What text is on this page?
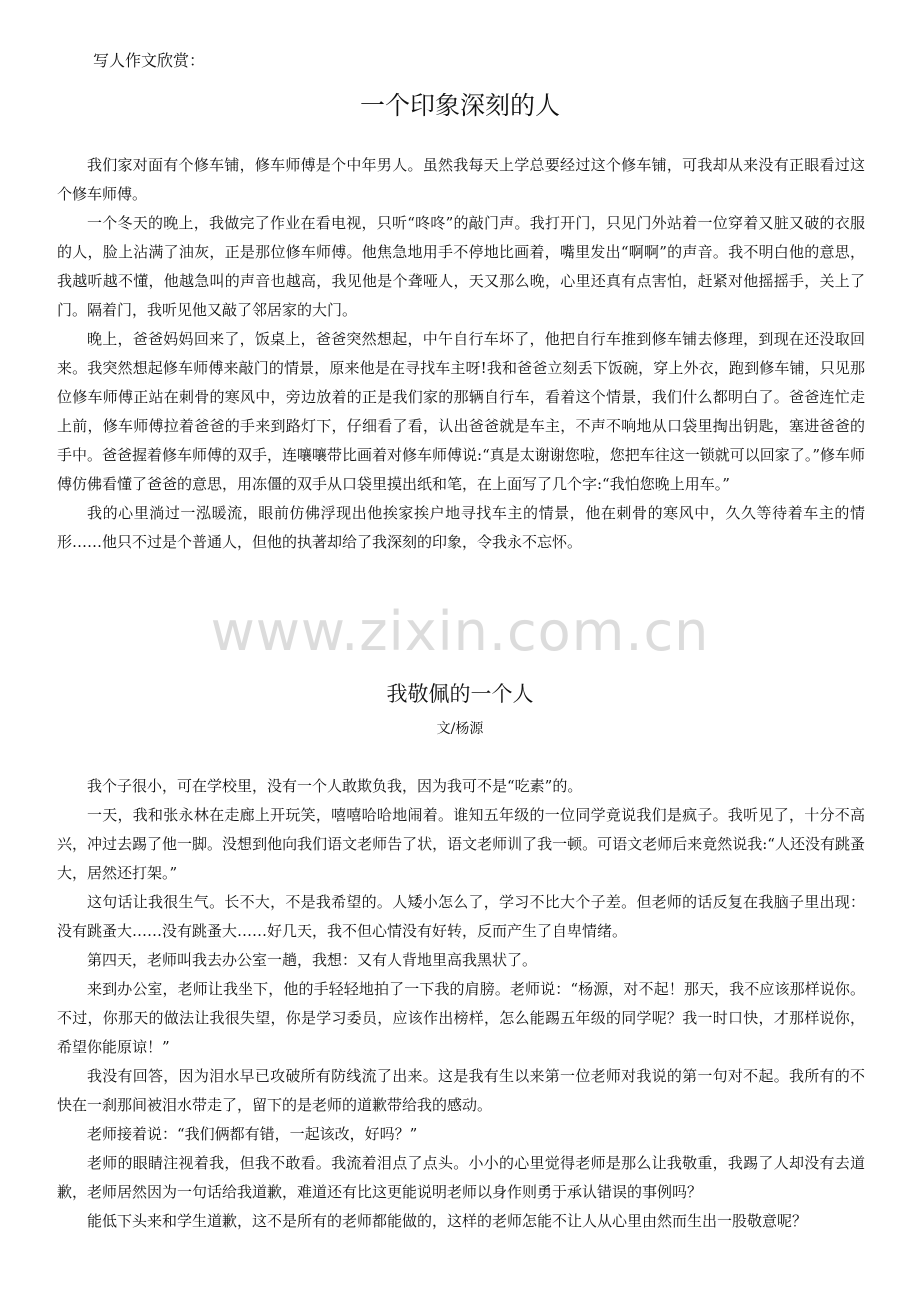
写人作文欣赏：
一个印象深刻的人

我们家对面有个修车铺，修车师傅是个中年男人。虽然我每天上学总要经过这个修车铺，可我却从来没有正眼看过这个修车师傅。

一个冬天的晚上，我做完了作业在看电视，只听“咚咚”的敲门声。我打开门，只见门外站着一位穿着又脏又破的衣服的人，脸上沾满了油灰，正是那位修车师傅。他焦急地用手不停地比画着，嘴里发出“啊啊”的声音。我不明白他的意思，我越听越不懂，他越急叫的声音也越高，我见他是个聋哑人，天又那么晚，心里还真有点害怕，赶紧对他摇摇手，关上了门。隔着门，我听见他又敲了邻居家的大门。

晚上，爸爸妈妈回来了，饭桌上，爸爸突然想起，中午自行车坏了，他把自行车推到修车铺去修理，到现在还没取回来。我突然想起修车师傅来敲门的情景，原来他是在寻找车主呀!我和爸爸立刻丢下饭碗，穿上外衣，跑到修车铺，只见那位修车师傅正站在刺骨的寒风中，旁边放着的正是我们家的那辆自行车，看着这个情景，我们什么都明白了。爸爸连忙走上前，修车师傅拉着爸爸的手来到路灯下，仔细看了看，认出爸爸就是车主，不声不响地从口袋里掏出钥匙，塞进爸爸的手中。爸爸握着修车师傅的双手，连嚷嚷带比画着对修车师傅说:“真是太谢谢您啦，您把车往这一锁就可以回家了。”修车师傅仿佛看懂了爸爸的意思，用冻僵的双手从口袋里摸出纸和笔，在上面写了几个字:“我怕您晚上用车。”

我的心里淌过一泓暖流，眼前仿佛浮现出他挨家挨户地寻找车主的情景，他在刺骨的寒风中，久久等待着车主的情形……他只不过是个普通人，但他的执著却给了我深刻的印象，令我永不忘怀。

www.zixin.com.cn
我敬佩的一个人
文/杨源

我个子很小，可在学校里，没有一个人敢欺负我，因为我可不是“吃素”的。

一天，我和张永林在走廊上开玩笑，嘻嘻哈哈地闹着。谁知五年级的一位同学竟说我们是疯子。我听见了，十分不高兴，冲过去踢了他一脚。没想到他向我们语文老师告了状，语文老师训了我一顿。可语文老师后来竟然说我:“人还没有跳蚤大，居然还打架。”

这句话让我很生气。长不大，不是我希望的。人矮小怎么了，学习不比大个子差。但老师的话反复在我脑子里出现：没有跳蚤大……没有跳蚤大……好几天，我不但心情没有好转，反而产生了自卑情绪。

第四天，老师叫我去办公室一趟，我想：又有人背地里高我黑状了。

来到办公室，老师让我坐下，他的手轻轻地拍了一下我的肩膀。老师说：“杨源，对不起！那天，我不应该那样说你。不过，你那天的做法让我很失望，你是学习委员，应该作出榜样，怎么能踢五年级的同学呢？我一时口快，才那样说你，希望你能原谅！”

我没有回答，因为泪水早已攻破所有防线流了出来。这是我有生以来第一位老师对我说的第一句对不起。我所有的不快在一刹那间被泪水带走了，留下的是老师的道歉带给我的感动。

老师接着说：“我们俩都有错，一起该改，好吗？”

老师的眼睛注视着我，但我不敢看。我流着泪点了点头。小小的心里觉得老师是那么让我敬重，我踢了人却没有去道歉，老师居然因为一句话给我道歉，难道还有比这更能说明老师以身作则勇于承认错误的事例吗？

能低下头来和学生道歉，这不是所有的老师都能做的，这样的老师怎能不让人从心里由然而生出一股敬意呢？
